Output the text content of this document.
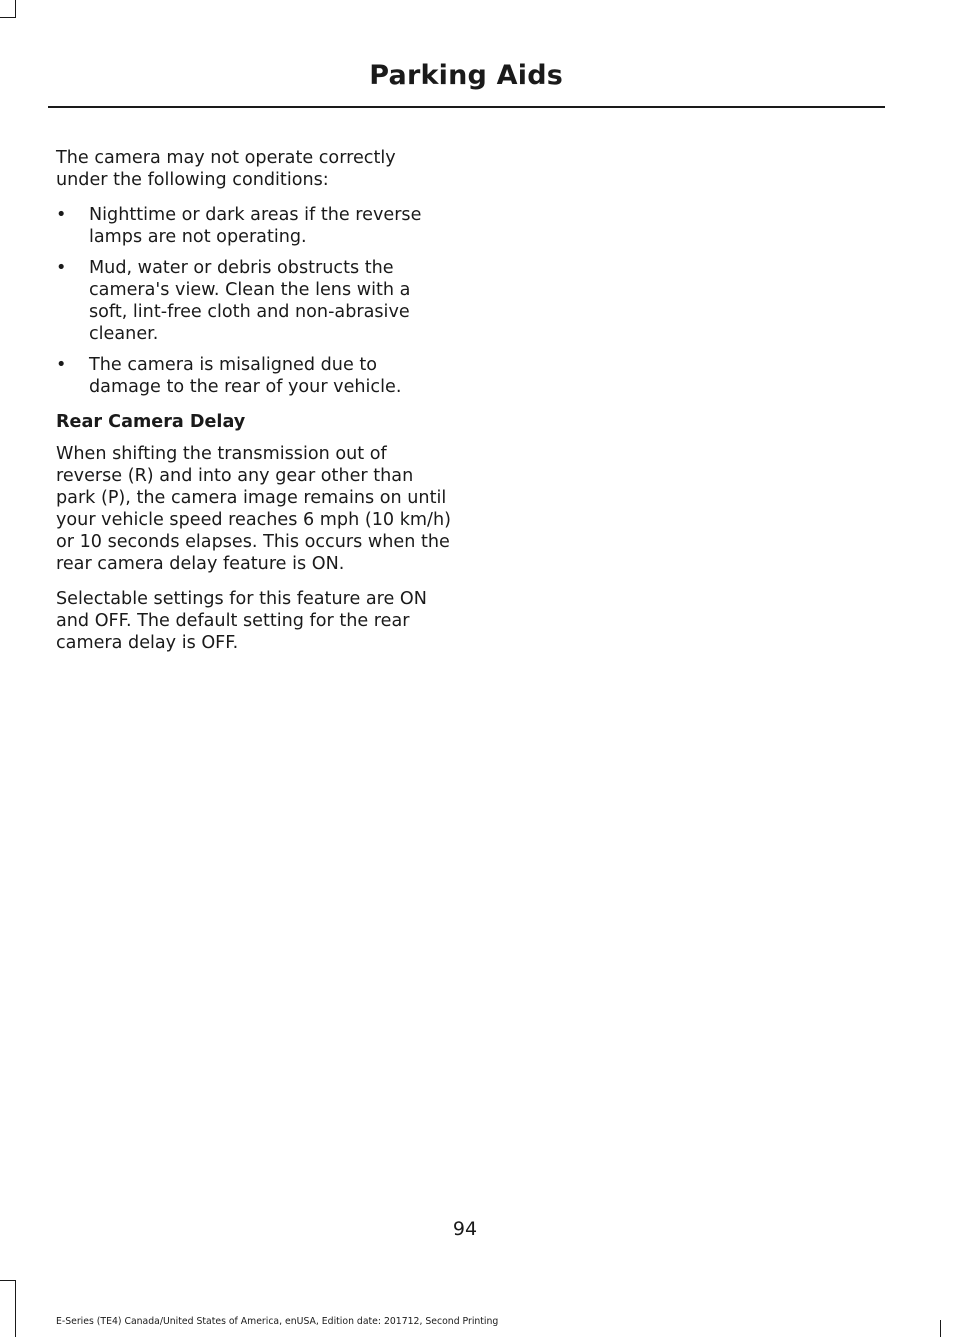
Parking Aids

The camera may not operate correctly under the following conditions:

• Nighttime or dark areas if the reverse lamps are not operating.
• Mud, water or debris obstructs the camera's view. Clean the lens with a soft, lint-free cloth and non-abrasive cleaner.
• The camera is misaligned due to damage to the rear of your vehicle.
Rear Camera Delay

When shifting the transmission out of reverse (R) and into any gear other than park (P), the camera image remains on until your vehicle speed reaches 6 mph (10 km/h) or 10 seconds elapses. This occurs when the rear camera delay feature is ON.

Selectable settings for this feature are ON and OFF. The default setting for the rear camera delay is OFF.

94
E-Series (TE4) Canada/United States of America, enUSA, Edition date: 201712, Second Printing
